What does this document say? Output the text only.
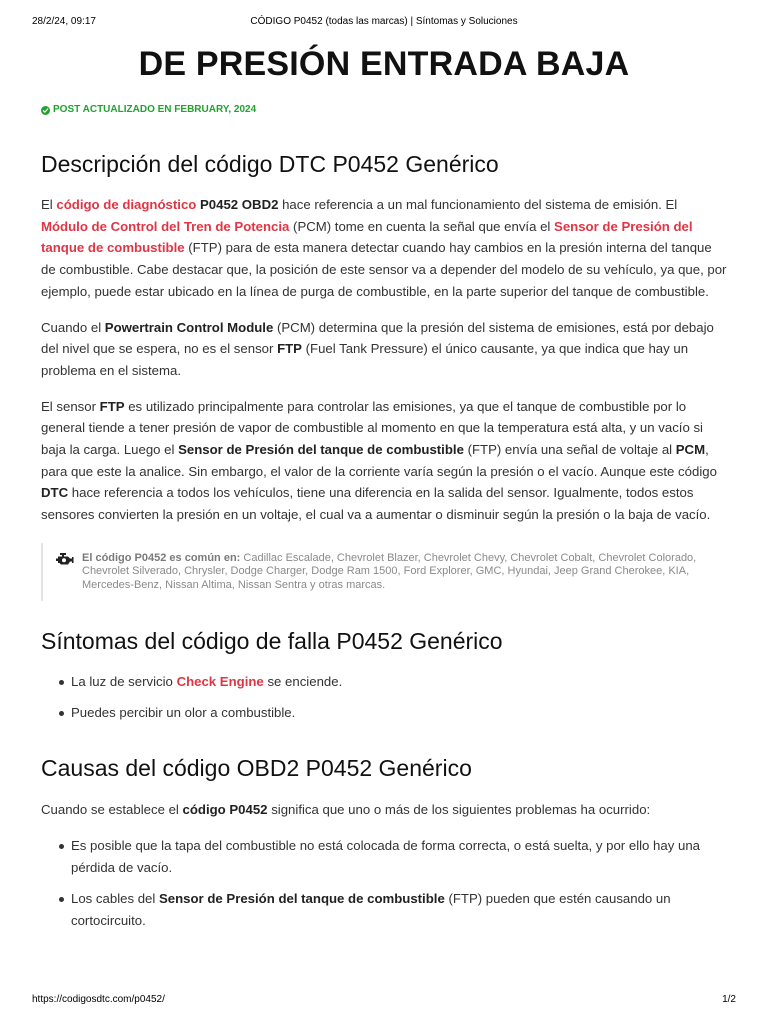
28/2/24, 09:17	CÓDIGO P0452 (todas las marcas) | Síntomas y Soluciones
DE PRESIÓN ENTRADA BAJA
POST ACTUALIZADO EN FEBRUARY, 2024
Descripción del código DTC P0452 Genérico

El código de diagnóstico P0452 OBD2 hace referencia a un mal funcionamiento del sistema de emisión. El Módulo de Control del Tren de Potencia (PCM) tome en cuenta la señal que envía el Sensor de Presión del tanque de combustible (FTP) para de esta manera detectar cuando hay cambios en la presión interna del tanque de combustible. Cabe destacar que, la posición de este sensor va a depender del modelo de su vehículo, ya que, por ejemplo, puede estar ubicado en la línea de purga de combustible, en la parte superior del tanque de combustible.

Cuando el Powertrain Control Module (PCM) determina que la presión del sistema de emisiones, está por debajo del nivel que se espera, no es el sensor FTP (Fuel Tank Pressure) el único causante, ya que indica que hay un problema en el sistema.

El sensor FTP es utilizado principalmente para controlar las emisiones, ya que el tanque de combustible por lo general tiende a tener presión de vapor de combustible al momento en que la temperatura está alta, y un vacío si baja la carga. Luego el Sensor de Presión del tanque de combustible (FTP) envía una señal de voltaje al PCM, para que este la analice. Sin embargo, el valor de la corriente varía según la presión o el vacío. Aunque este código DTC hace referencia a todos los vehículos, tiene una diferencia en la salida del sensor. Igualmente, todos estos sensores convierten la presión en un voltaje, el cual va a aumentar o disminuir según la presión o la baja de vacío.

El código P0452 es común en: Cadillac Escalade, Chevrolet Blazer, Chevrolet Chevy, Chevrolet Cobalt, Chevrolet Colorado, Chevrolet Silverado, Chrysler, Dodge Charger, Dodge Ram 1500, Ford Explorer, GMC, Hyundai, Jeep Grand Cherokee, KIA, Mercedes-Benz, Nissan Altima, Nissan Sentra y otras marcas.
Síntomas del código de falla P0452 Genérico
La luz de servicio Check Engine se enciende.
Puedes percibir un olor a combustible.
Causas del código OBD2 P0452 Genérico

Cuando se establece el código P0452 significa que uno o más de los siguientes problemas ha ocurrido:

Es posible que la tapa del combustible no está colocada de forma correcta, o está suelta, y por ello hay una pérdida de vacío.
Los cables del Sensor de Presión del tanque de combustible (FTP) pueden que estén causando un cortocircuito.
https://codigosdtc.com/p0452/	1/2
